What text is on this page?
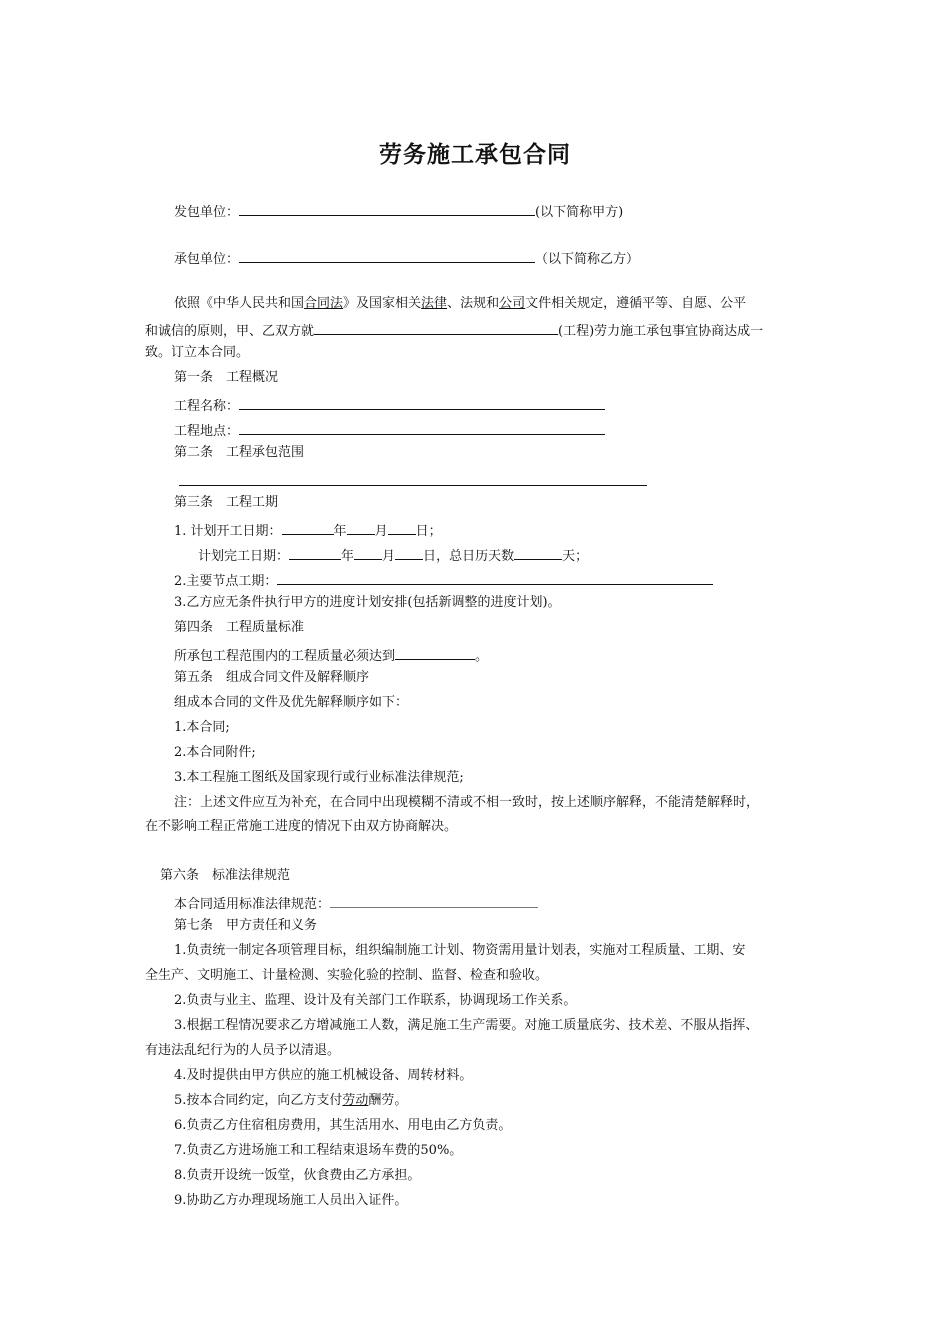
劳务施工承包合同
发包单位：	(以下简称甲方)
承包单位：	（以下简称乙方）
依照《中华人民共和国合同法》及国家相关法律、法规和公司文件相关规定，遵循平等、自愿、公平
和诚信的原则，甲、乙双方就	(工程)劳力施工承包事宜协商达成一
致。订立本合同。
第一条　工程概况
工程名称：
工程地点：
第二条　工程承包范围
第三条　工程工期
1. 计划开工日期：	年 月 日；
计划完工日期：	年 月 日，总日历天数	天；
2.主要节点工期：
3.乙方应无条件执行甲方的进度计划安排(包括新调整的进度计划)。
第四条　工程质量标准
所承包工程范围内的工程质量必须达到	。
第五条　组成合同文件及解释顺序
组成本合同的文件及优先解释顺序如下：
1.本合同;
2.本合同附件;
3.本工程施工图纸及国家现行或行业标准法律规范;
注：上述文件应互为补充，在合同中出现模糊不清或不相一致时，按上述顺序解释，不能清楚解释时，
在不影响工程正常施工进度的情况下由双方协商解决。
第六条　标准法律规范
本合同适用标准法律规范：
第七条　甲方责任和义务
1.负责统一制定各项管理目标，组织编制施工计划、物资需用量计划表，实施对工程质量、工期、安
全生产、文明施工、计量检测、实验化验的控制、监督、检查和验收。
2.负责与业主、监理、设计及有关部门工作联系，协调现场工作关系。
3.根据工程情况要求乙方增减施工人数，满足施工生产需要。对施工质量底劣、技术差、不服从指挥、
有违法乱纪行为的人员予以清退。
4.及时提供由甲方供应的施工机械设备、周转材料。
5.按本合同约定，向乙方支付劳动酬劳。
6.负责乙方住宿租房费用，其生活用水、用电由乙方负责。
7.负责乙方进场施工和工程结束退场车费的50%。
8.负责开设统一饭堂，伙食费由乙方承担。
9.协助乙方办理现场施工人员出入证件。
